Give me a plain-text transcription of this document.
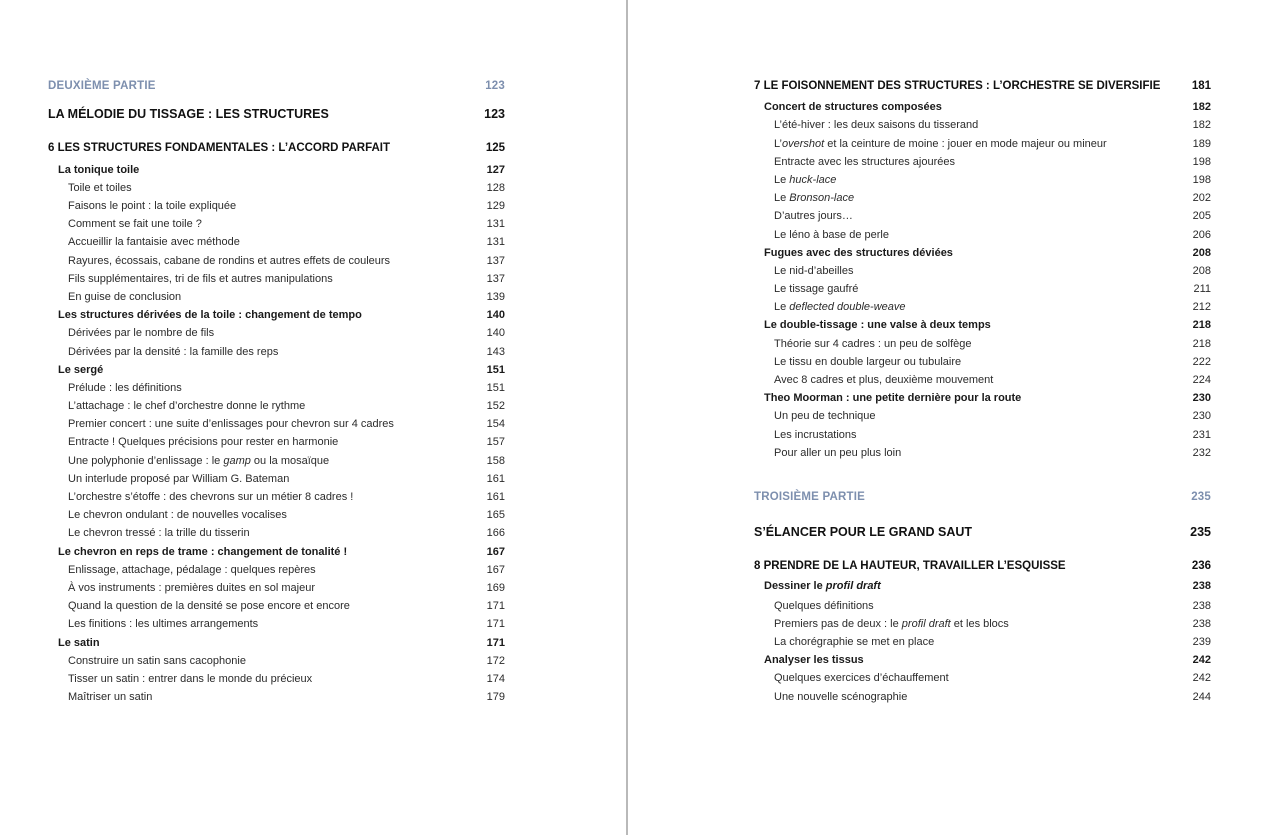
DEUXIÈME PARTIE	123
LA MÉLODIE DU TISSAGE : LES STRUCTURES	123
6 LES STRUCTURES FONDAMENTALES : L’ACCORD PARFAIT	125
La tonique toile	127
Toile et toiles	128
Faisons le point : la toile expliquée	129
Comment se fait une toile ?	131
Accueillir la fantaisie avec méthode	131
Rayures, écossais, cabane de rondins et autres effets de couleurs	137
Fils supplémentaires, tri de fils et autres manipulations	137
En guise de conclusion	139
Les structures dérivées de la toile : changement de tempo	140
Dérivées par le nombre de fils	140
Dérivées par la densité : la famille des reps	143
Le sergé	151
Prélude : les définitions	151
L’attachage : le chef d’orchestre donne le rythme	152
Premier concert : une suite d’enlissages pour chevron sur 4 cadres	154
Entracte ! Quelques précisions pour rester en harmonie	157
Une polyphonie d’enlissage : le gamp ou la mosaïque	158
Un interlude proposé par William G. Bateman	161
L’orchestre s’étoffe : des chevrons sur un métier 8 cadres !	161
Le chevron ondulant : de nouvelles vocalises	165
Le chevron tressé : la trille du tisserin	166
Le chevron en reps de trame : changement de tonalité !	167
Enlissage, attachage, pédalage : quelques repères	167
À vos instruments : premières duites en sol majeur	169
Quand la question de la densité se pose encore et encore	171
Les finitions : les ultimes arrangements	171
Le satin	171
Construire un satin sans cacophonie	172
Tisser un satin : entrer dans le monde du précieux	174
Maîtriser un satin	179
7 LE FOISONNEMENT DES STRUCTURES : L’ORCHESTRE SE DIVERSIFIE	181
Concert de structures composées	182
L’été-hiver : les deux saisons du tisserand	182
L’overshot et la ceinture de moine : jouer en mode majeur ou mineur	189
Entracte avec les structures ajourées	198
Le huck-lace	198
Le Bronson-lace	202
D’autres jours…	205
Le léno à base de perle	206
Fugues avec des structures déviées	208
Le nid-d’abeilles	208
Le tissage gaufré	211
Le deflected double-weave	212
Le double-tissage : une valse à deux temps	218
Théorie sur 4 cadres : un peu de solfège	218
Le tissu en double largeur ou tubulaire	222
Avec 8 cadres et plus, deuxième mouvement	224
Theo Moorman : une petite dernière pour la route	230
Un peu de technique	230
Les incrustations	231
Pour aller un peu plus loin	232
TROISIÈME PARTIE	235
S’ÉLANCER POUR LE GRAND SAUT	235
8 PRENDRE DE LA HAUTEUR, TRAVAILLER L’ESQUISSE	236
Dessiner le profil draft	238
Quelques définitions	238
Premiers pas de deux : le profil draft et les blocs	238
La chorégraphie se met en place	239
Analyser les tissus	242
Quelques exercices d’échauffement	242
Une nouvelle scénographie	244
